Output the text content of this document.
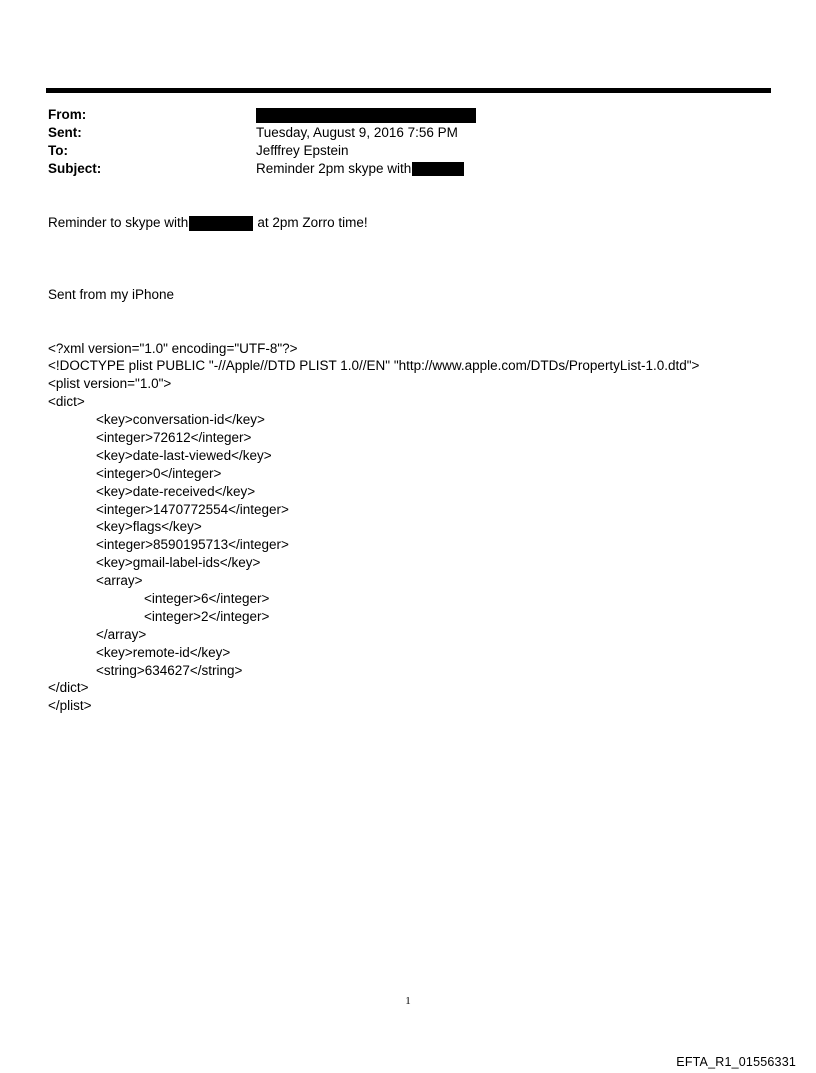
From:
Sent:	Tuesday, August 9, 2016 7:56 PM
To:	Jefffrey Epstein
Subject:	Reminder 2pm skype with
Reminder to skype with	at 2pm Zorro time!

Sent from my iPhone

<?xml version="1.0" encoding="UTF-8"?>
<!DOCTYPE plist PUBLIC "-//Apple//DTD PLIST 1.0//EN" "http://www.apple.com/DTDs/PropertyList-1.0.dtd">
<plist version="1.0">
<dict>
<key>conversation-id</key>
<integer>72612</integer>
<key>date-last-viewed</key>
<integer>0</integer>
<key>date-received</key>
<integer>1470772554</integer>
<key>flags</key>
<integer>8590195713</integer>
<key>gmail-label-ids</key>
<array>
<integer>6</integer>
<integer>2</integer>
</array>
<key>remote-id</key>
<string>634627</string>
</dict>
</plist>
1
EFTA_R1_01556331
